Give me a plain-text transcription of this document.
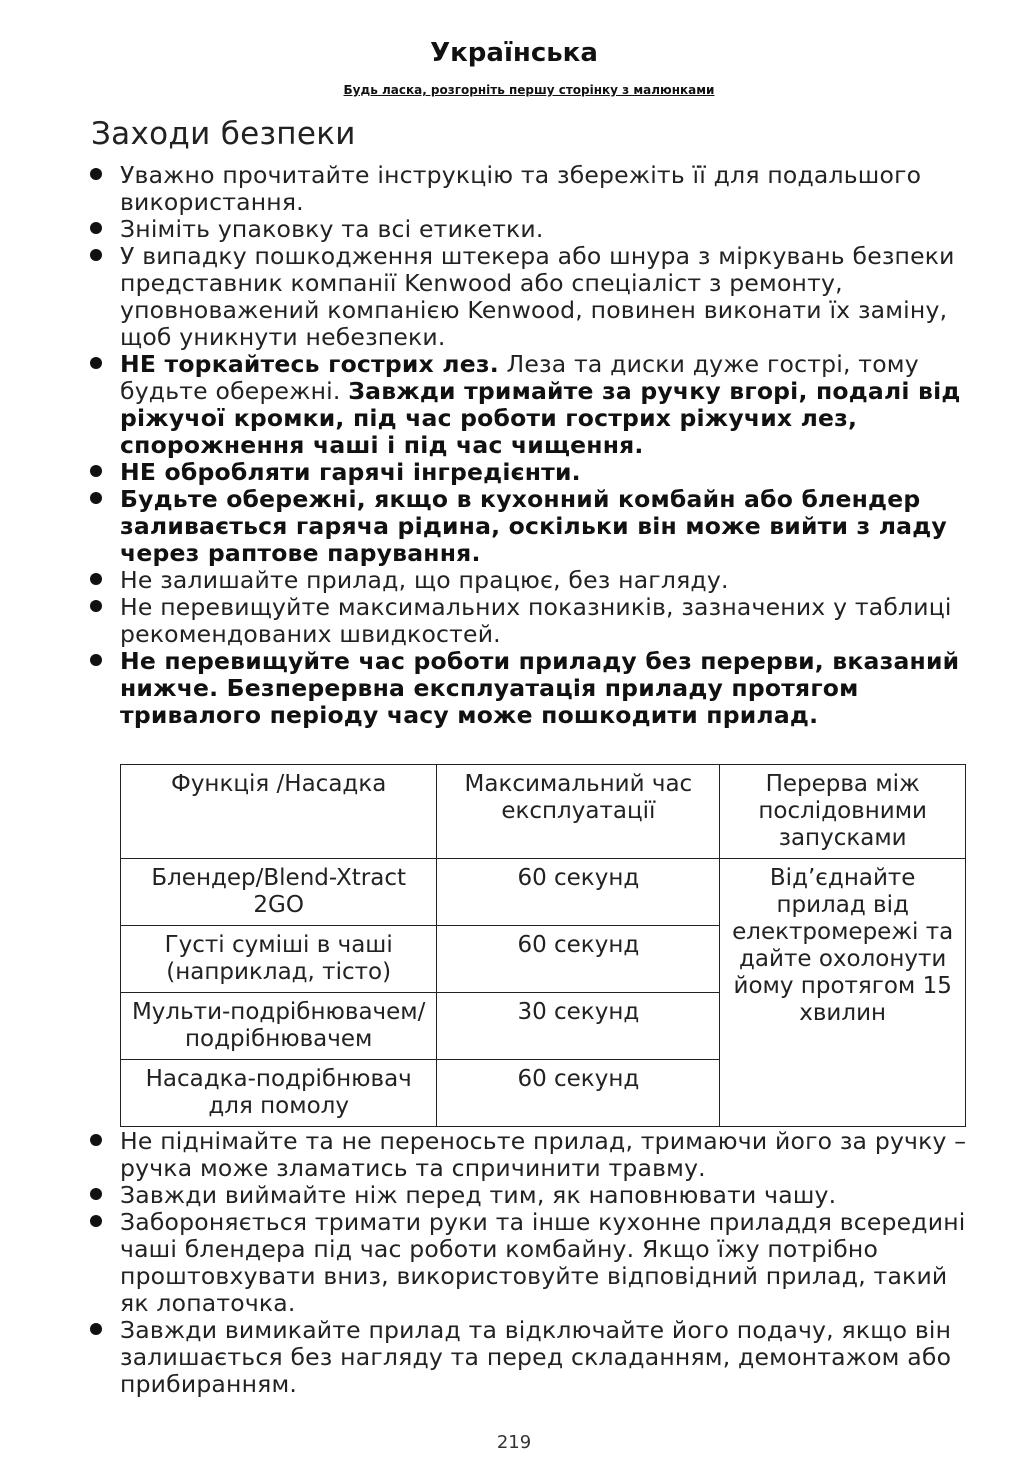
Українська
Будь ласка, розгорніть першу сторінку з малюнками
Заходи безпеки
Уважно прочитайте інструкцію та збережіть її для подальшого використання.
Зніміть упаковку та всі етикетки.
У випадку пошкодження штекера або шнура з міркувань безпеки представник компанії Kenwood або спеціаліст з ремонту, уповноважений компанією Kenwood, повинен виконати їх заміну, щоб уникнути небезпеки.
НЕ торкайтесь гострих лез. Леза та диски дуже гострі, тому будьте обережні. Завжди тримайте за ручку вгорі, подалі від ріжучої кромки, під час роботи гострих ріжучих лез, спорожнення чаші і під час чищення.
НЕ обробляти гарячі інгредієнти.
Будьте обережні, якщо в кухонний комбайн або блендер заливається гаряча рідина, оскільки він може вийти з ладу через раптове парування.
Не залишайте прилад, що працює, без нагляду.
Не перевищуйте максимальних показників, зазначених у таблиці рекомендованих швидкостей.
Не перевищуйте час роботи приладу без перерви, вказаний нижче. Безперервна експлуатація приладу протягом тривалого періоду часу може пошкодити прилад.
Функція /Насадка	Максимальний час експлуатації	Перерва між послідовними запусками
Блендер/Blend-Xtract 2GO	60 секунд	Від’єднайте прилад від електромережі та дайте охолонути йому протягом 15 хвилин
Густі суміші в чаші (наприклад, тісто)	60 секунд	
Мульти-подрібнювачем/ подрібнювачем	30 секунд	
Насадка-подрібнювач для помолу	60 секунд	
Не піднімайте та не переносьте прилад, тримаючи його за ручку – ручка може зламатись та спричинити травму.
Завжди виймайте ніж перед тим, як наповнювати чашу.
Забороняється тримати руки та інше кухонне приладдя всередині чаші блендера під час роботи комбайну. Якщо їжу потрібно проштовхувати вниз, використовуйте відповідний прилад, такий як лопаточка.
Завжди вимикайте прилад та відключайте його подачу, якщо він залишається без нагляду та перед складанням, демонтажом або прибиранням.
219
